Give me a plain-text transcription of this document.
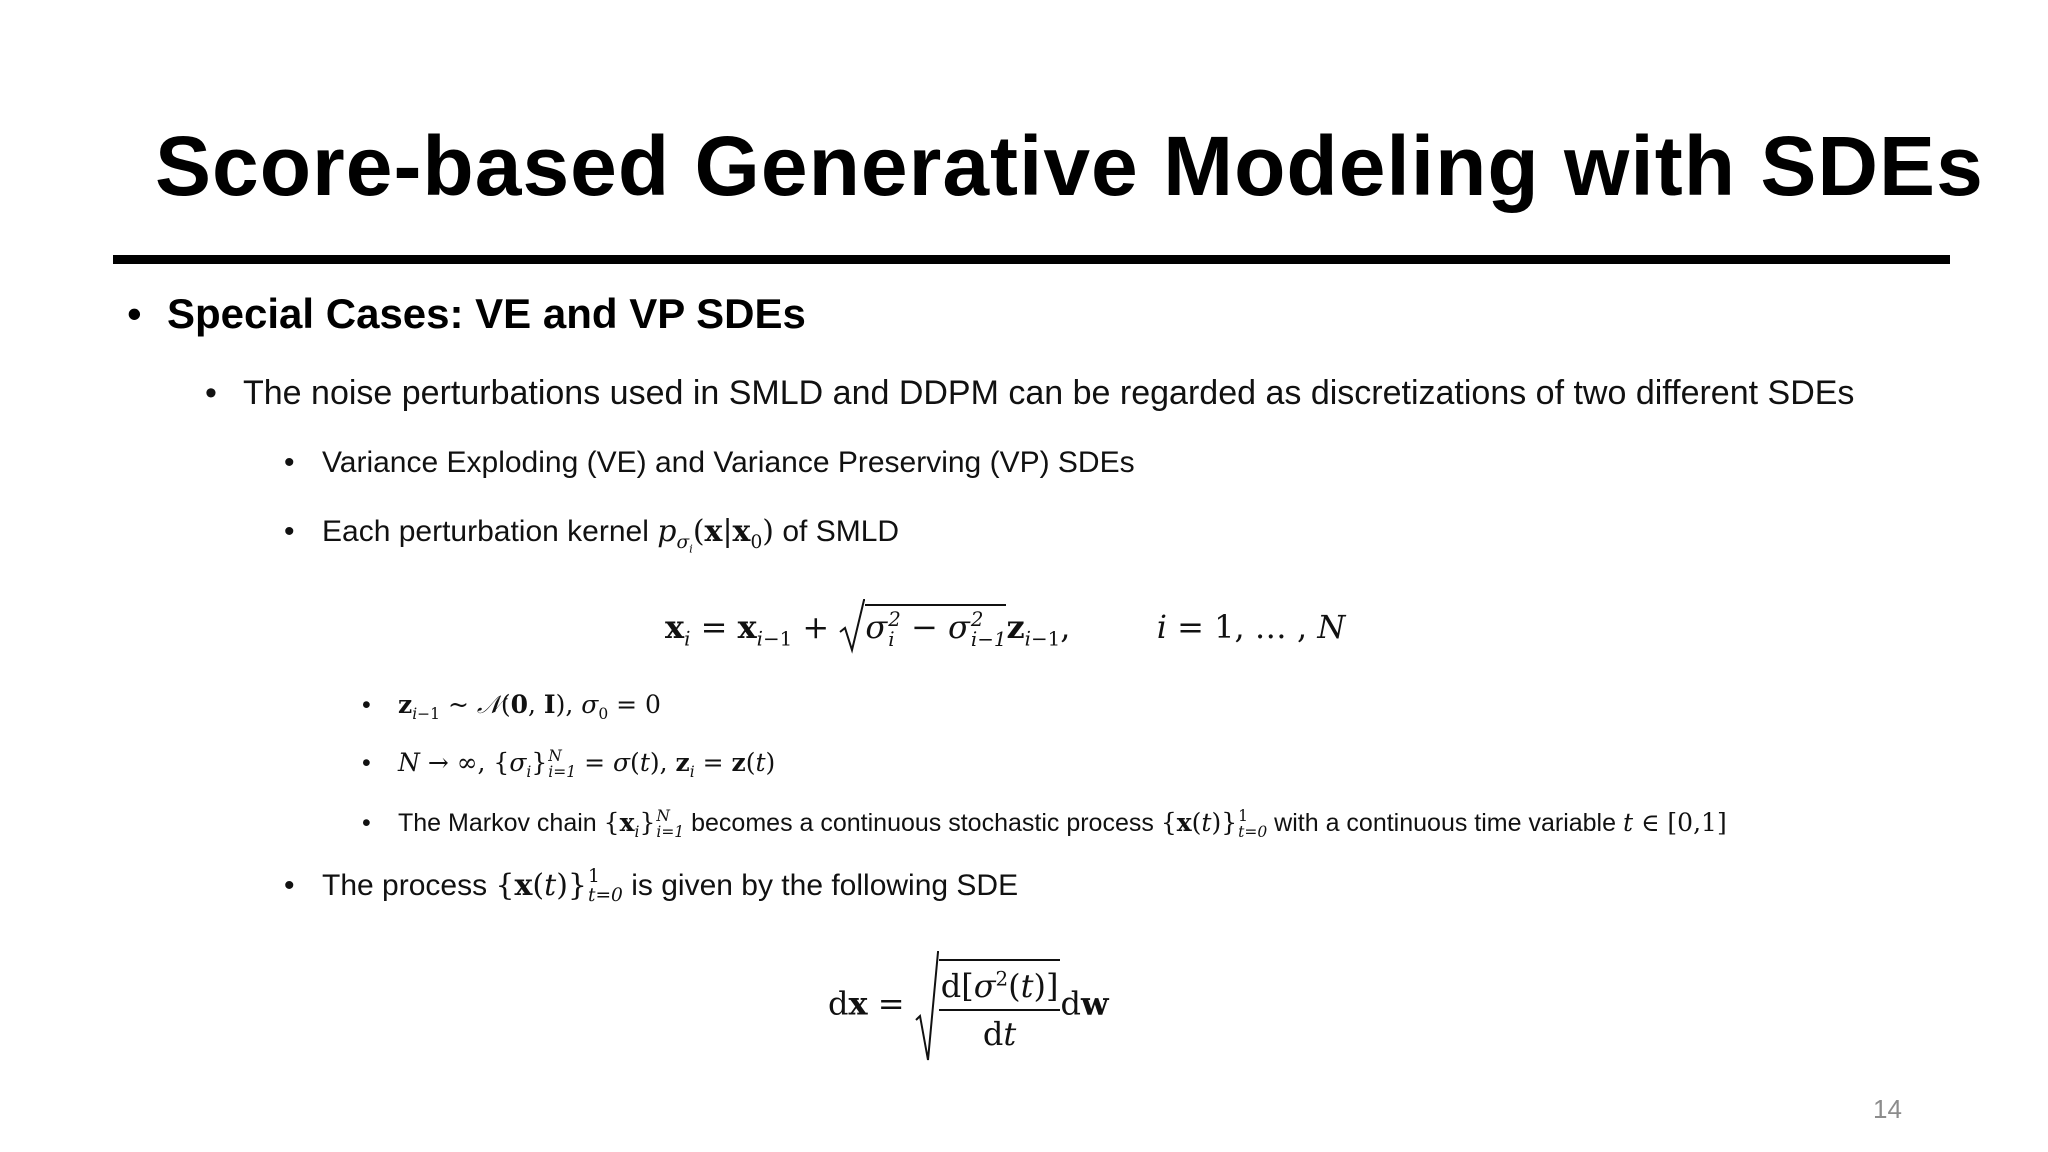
Score-based Generative Modeling with SDEs
• Special Cases: VE and VP SDEs
• The noise perturbations used in SMLD and DDPM can be regarded as discretizations of two different SDEs
• Variance Exploding (VE) and Variance Preserving (VP) SDEs
• Each perturbation kernel $p_{\sigma_i}(x|x_0)$ of SMLD
$x_i = x_{i-1} + \sigma$ 2
i − σ 2
i−1 $z_{i-1}$,  i = 1, … , N
• $z_{i-1}$ ~ 𝒩(0, I), $\sigma_0 = 0$
• N → ∞, $\{\sigma_i\}$ N
i=1 = σ(t), $z_i = z(t)$
• The Markov chain $\{x_i\}$ N
i=1 becomes a continuous stochastic process {x(t)} 1
t=0 with a continuous time variable t ∈ [0,1]
• The process {x(t)} 1
t=0 is given by the following SDE
dx = $\frac{d[\sigma^2(t)]}{dt}$ dw
14
